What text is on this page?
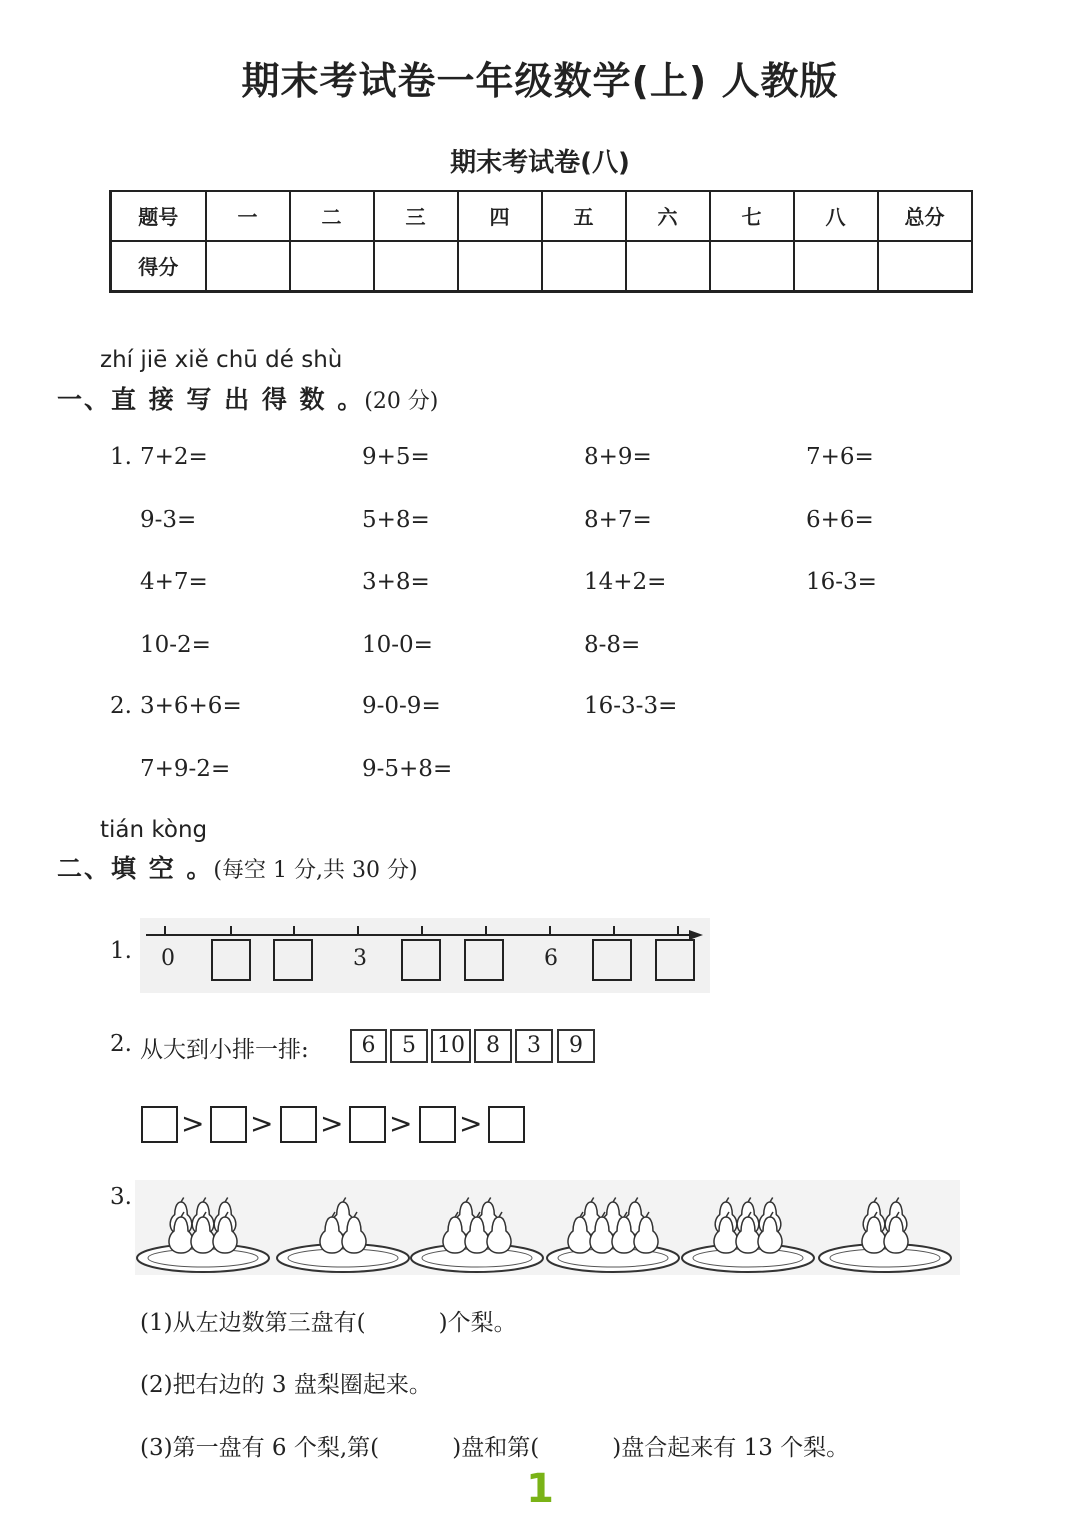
期末考试卷一年级数学(上) 人教版
期末考试卷(八)
题号	一	二	三	四	五	六	七	八	总分
得分									
zhí jiē xiě chū dé shù
一、直 接 写 出 得 数 。(20 分)
1. 7+2=	9+5=	8+9=	7+6=
9-3=	5+8=	8+7=	6+6=
4+7=	3+8=	14+2=	16-3=
10-2=	10-0=	8-8=
2. 3+6+6=	9-0-9=	16-3-3=
7+9-2=	9-5+8=
tián kòng
二、填 空 。(每空 1 分,共 30 分)
1. 0	3	6
2. 从大到小排一排:	6	5 10 8	3	9
> > > > >
3.
(1)从左边数第三盘有(          )个梨。
(2)把右边的 3 盘梨圈起来。
(3)第一盘有 6 个梨,第(          )盘和第(          )盘合起来有 13 个梨。
1
